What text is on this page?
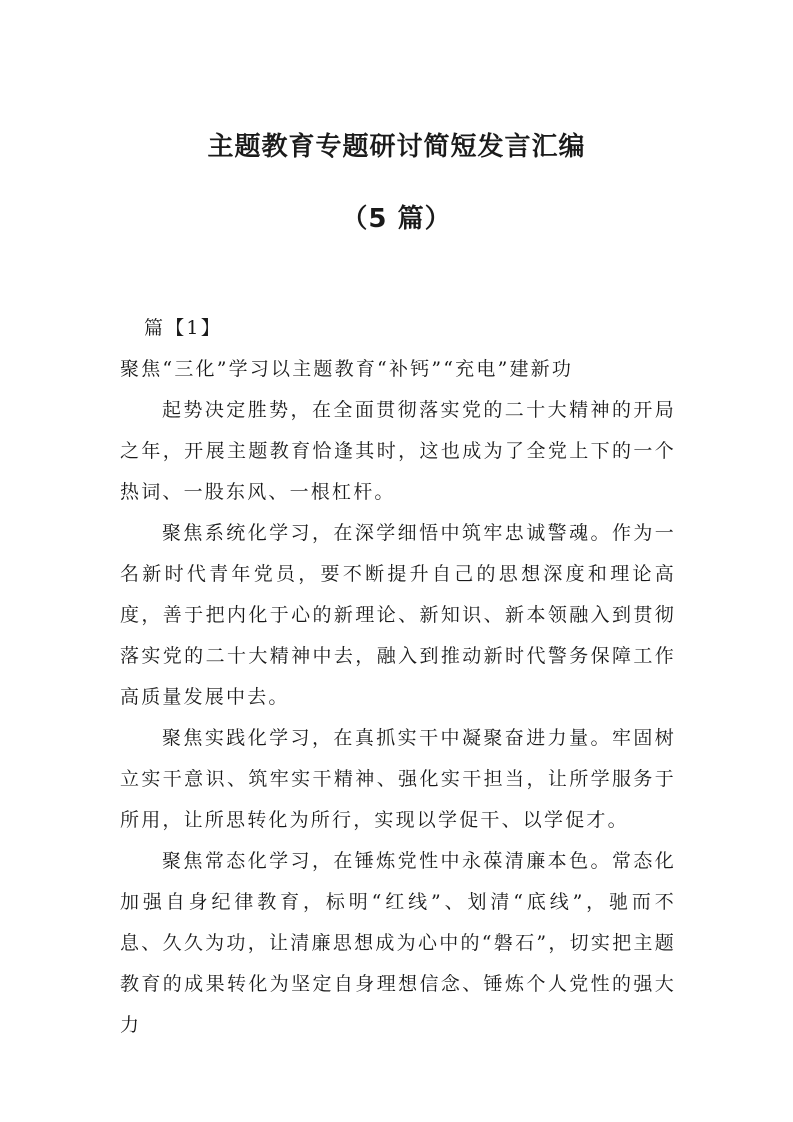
主题教育专题研讨简短发言汇编
（5 篇）

篇【1】

聚焦“三化”学习以主题教育“补钙”“充电”建新功

起势决定胜势，在全面贯彻落实党的二十大精神的开局之年，开展主题教育恰逢其时，这也成为了全党上下的一个热词、一股东风、一根杠杆。

聚焦系统化学习，在深学细悟中筑牢忠诚警魂。作为一名新时代青年党员，要不断提升自己的思想深度和理论高度，善于把内化于心的新理论、新知识、新本领融入到贯彻落实党的二十大精神中去，融入到推动新时代警务保障工作高质量发展中去。

聚焦实践化学习，在真抓实干中凝聚奋进力量。牢固树立实干意识、筑牢实干精神、强化实干担当，让所学服务于所用，让所思转化为所行，实现以学促干、以学促才。

聚焦常态化学习，在锤炼党性中永葆清廉本色。常态化加强自身纪律教育，标明“红线”、划清“底线”，驰而不息、久久为功，让清廉思想成为心中的“磐石”，切实把主题教育的成果转化为坚定自身理想信念、锤炼个人党性的强大力
